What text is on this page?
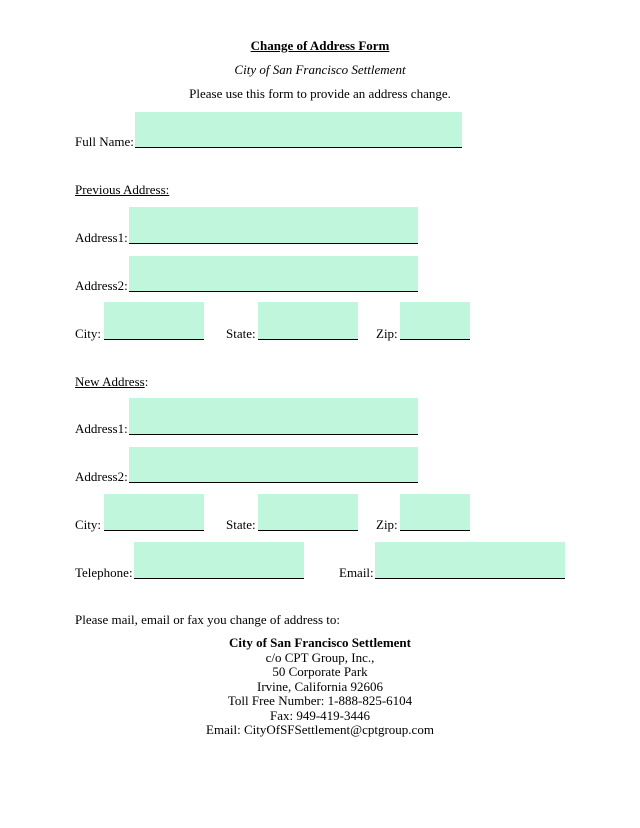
Change of Address Form
City of San Francisco Settlement
Please use this form to provide an address change.
Full Name:
Previous Address:
Address1:
Address2:
City:	State:	Zip:
New Address:
Address1:
Address2:
City:	State:	Zip:
Telephone:	Email:
Please mail, email or fax you change of address to:
City of San Francisco Settlement
c/o CPT Group, Inc.,
50 Corporate Park
Irvine, California 92606
Toll Free Number: 1-888-825-6104
Fax: 949-419-3446
Email: CityOfSFSettlement@cptgroup.com
